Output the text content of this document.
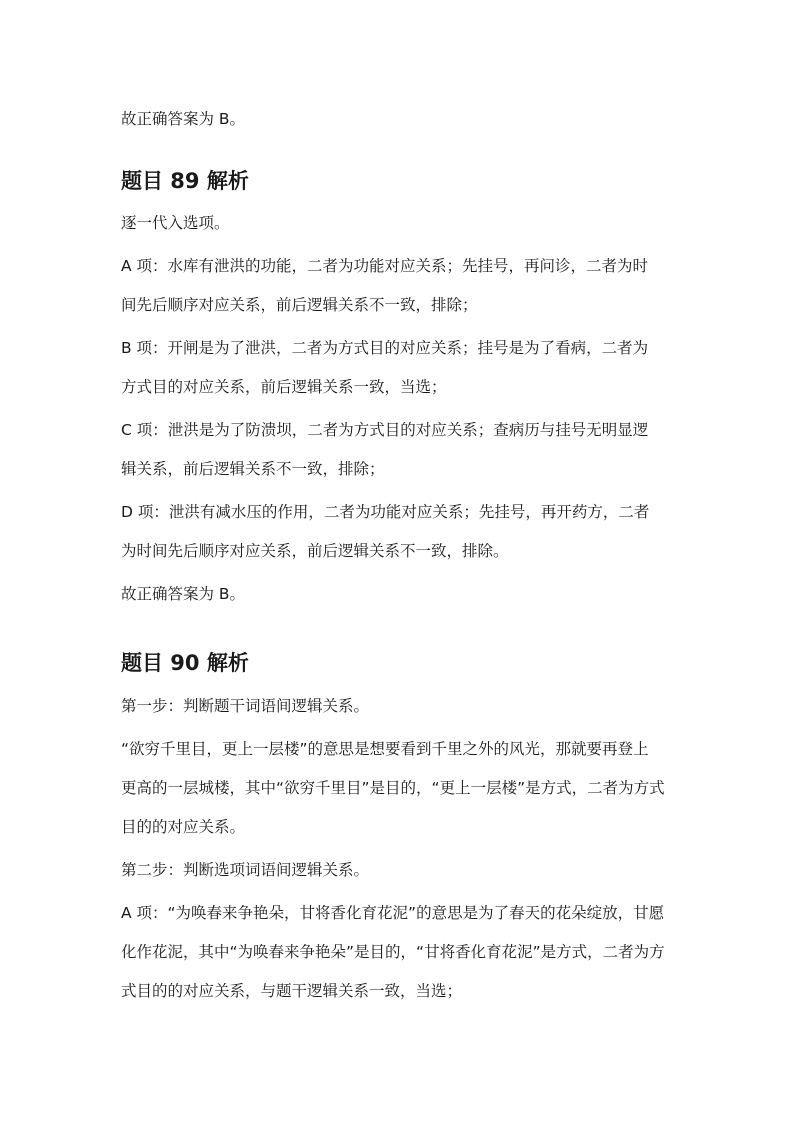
故正确答案为 B。

题目 89 解析

逐一代入选项。

A 项：水库有泄洪的功能，二者为功能对应关系；先挂号，再问诊，二者为时

间先后顺序对应关系，前后逻辑关系不一致，排除；

B 项：开闸是为了泄洪，二者为方式目的对应关系；挂号是为了看病，二者为

方式目的对应关系，前后逻辑关系一致，当选；

C 项：泄洪是为了防溃坝，二者为方式目的对应关系；查病历与挂号无明显逻

辑关系，前后逻辑关系不一致，排除；

D 项：泄洪有减水压的作用，二者为功能对应关系；先挂号，再开药方，二者

为时间先后顺序对应关系，前后逻辑关系不一致，排除。

故正确答案为 B。

题目 90 解析

第一步：判断题干词语间逻辑关系。

“欲穷千里目，更上一层楼”的意思是想要看到千里之外的风光，那就要再登上

更高的一层城楼，其中“欲穷千里目”是目的，“更上一层楼”是方式，二者为方式

目的的对应关系。

第二步：判断选项词语间逻辑关系。

A 项：“为唤春来争艳朵，甘将香化育花泥”的意思是为了春天的花朵绽放，甘愿

化作花泥，其中“为唤春来争艳朵”是目的，“甘将香化育花泥”是方式，二者为方

式目的的对应关系，与题干逻辑关系一致，当选；
